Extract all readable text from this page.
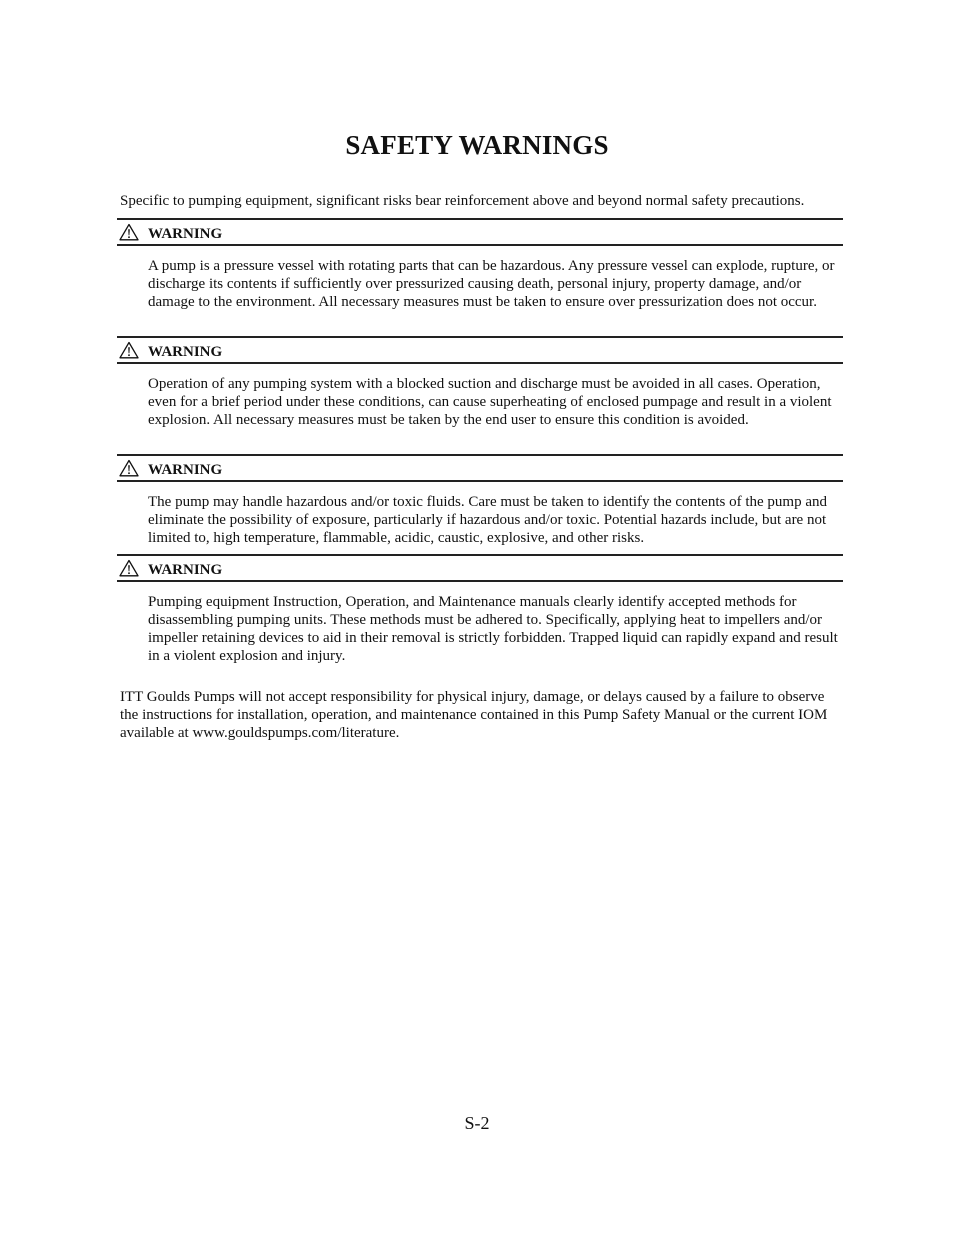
SAFETY WARNINGS
Specific to pumping equipment, significant risks bear reinforcement above and beyond normal safety precautions.
WARNING
A pump is a pressure vessel with rotating parts that can be hazardous. Any pressure vessel can explode, rupture, or discharge its contents if sufficiently over pressurized causing death, personal injury, property damage, and/or damage to the environment. All necessary measures must be taken to ensure over pressurization does not occur.
WARNING
Operation of any pumping system with a blocked suction and discharge must be avoided in all cases. Operation, even for a brief period under these conditions, can cause superheating of enclosed pumpage and result in a violent explosion. All necessary measures must be taken by the end user to ensure this condition is avoided.
WARNING
The pump may handle hazardous and/or toxic fluids. Care must be taken to identify the contents of the pump and eliminate the possibility of exposure, particularly if hazardous and/or toxic. Potential hazards include, but are not limited to, high temperature, flammable, acidic, caustic, explosive, and other risks.
WARNING
Pumping equipment Instruction, Operation, and Maintenance manuals clearly identify accepted methods for disassembling pumping units. These methods must be adhered to. Specifically, applying heat to impellers and/or impeller retaining devices to aid in their removal is strictly forbidden. Trapped liquid can rapidly expand and result in a violent explosion and injury.
ITT Goulds Pumps will not accept responsibility for physical injury, damage, or delays caused by a failure to observe the instructions for installation, operation, and maintenance contained in this Pump Safety Manual or the current IOM available at www.gouldspumps.com/literature.
S-2
